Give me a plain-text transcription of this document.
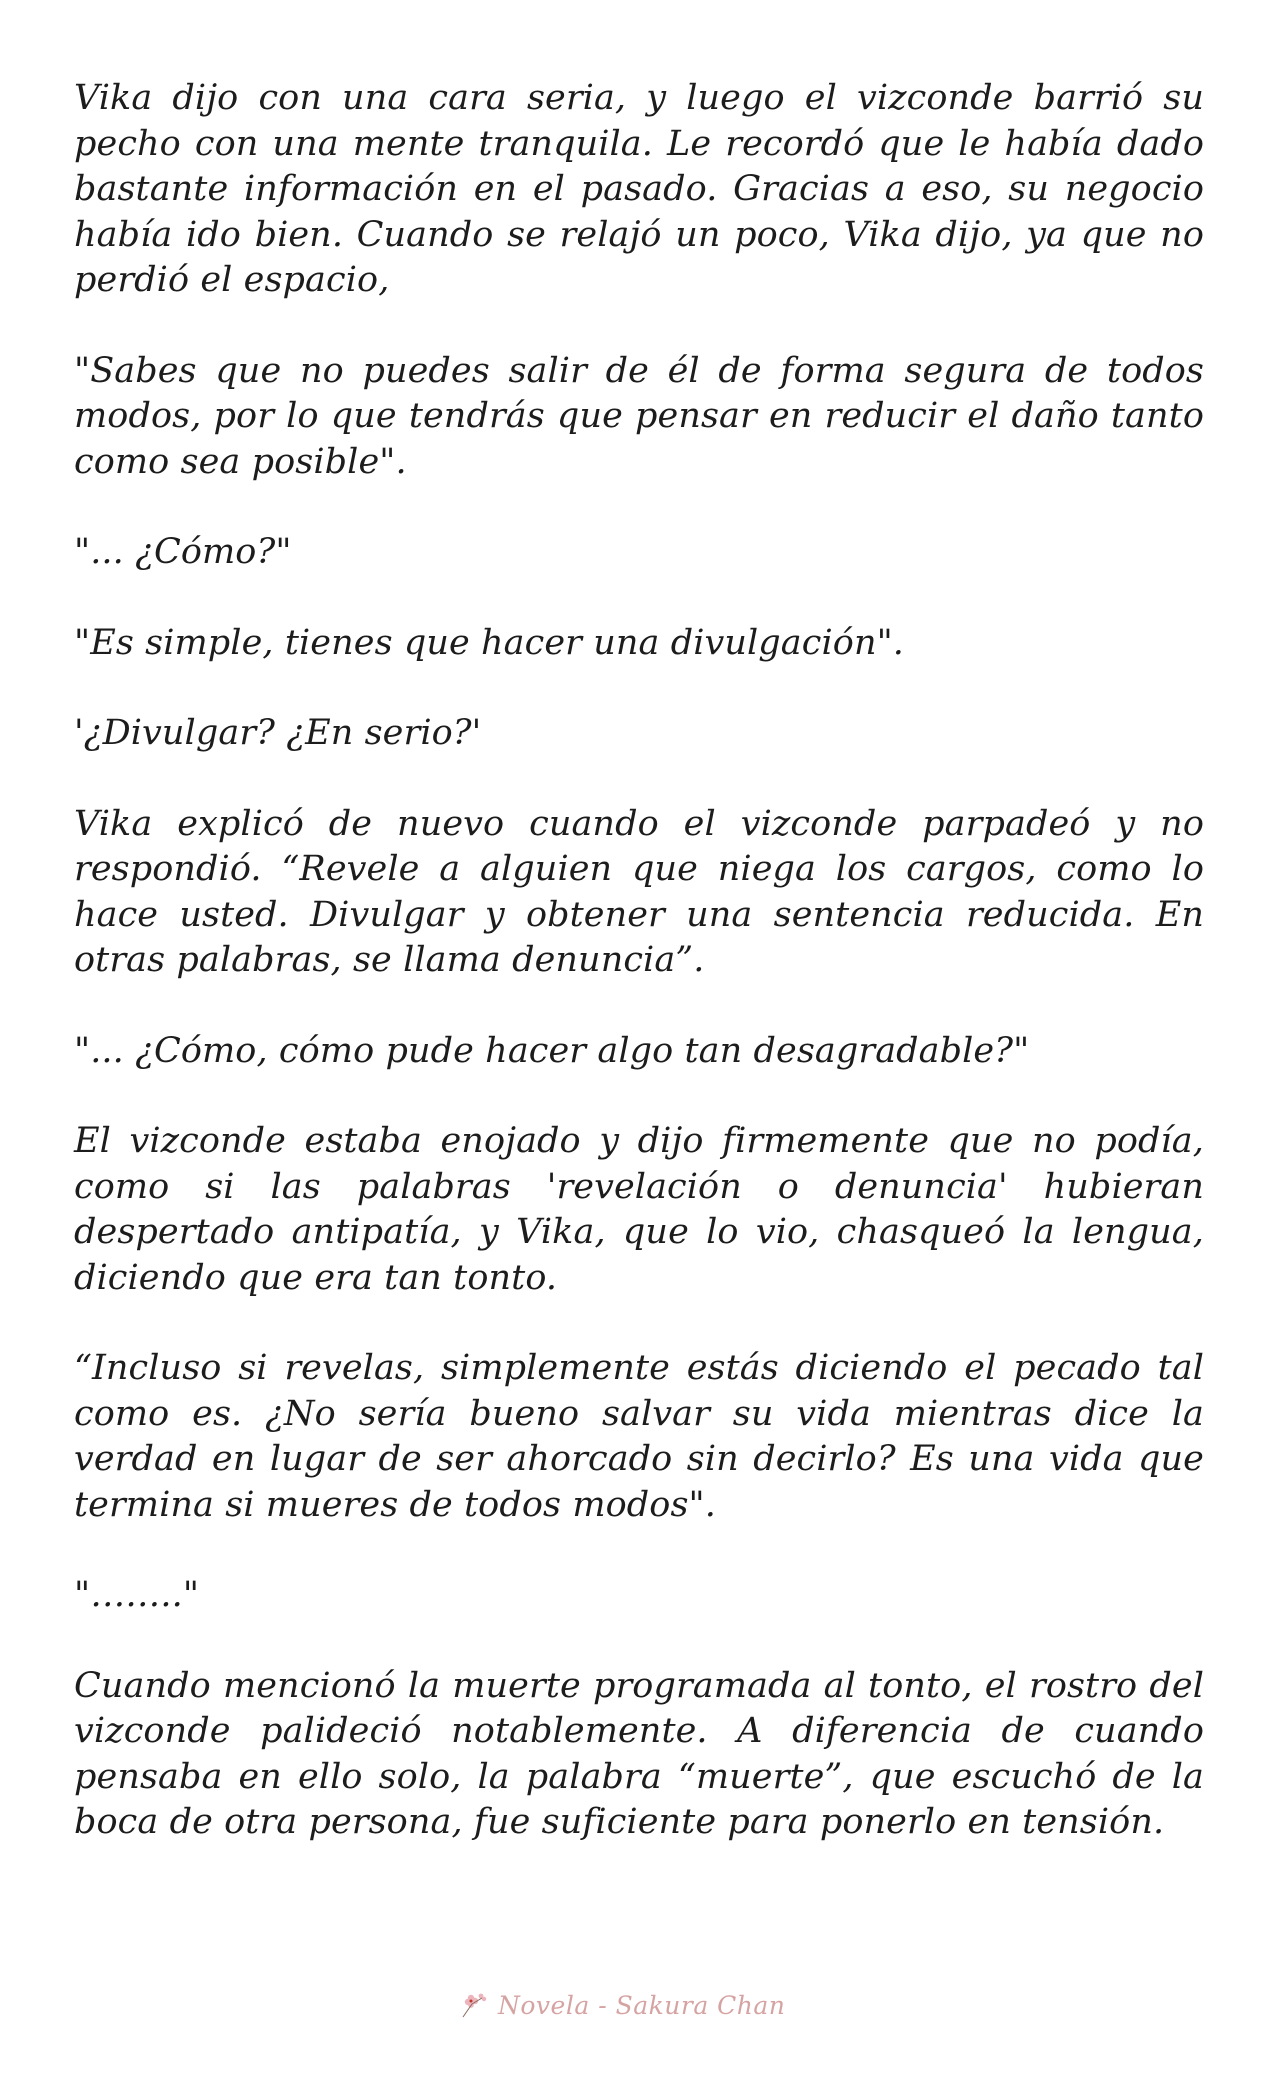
Vika dijo con una cara seria, y luego el vizconde barrió su pecho con una mente tranquila. Le recordó que le había dado bastante información en el pasado. Gracias a eso, su negocio había ido bien. Cuando se relajó un poco, Vika dijo, ya que no perdió el espacio,

"Sabes que no puedes salir de él de forma segura de todos modos, por lo que tendrás que pensar en reducir el daño tanto como sea posible".

"... ¿Cómo?"

"Es simple, tienes que hacer una divulgación".

'¿Divulgar? ¿En serio?'

Vika explicó de nuevo cuando el vizconde parpadeó y no respondió. “Revele a alguien que niega los cargos, como lo hace usted. Divulgar y obtener una sentencia reducida. En otras palabras, se llama denuncia”.

"... ¿Cómo, cómo pude hacer algo tan desagradable?"

El vizconde estaba enojado y dijo firmemente que no podía, como si las palabras 'revelación o denuncia' hubieran despertado antipatía, y Vika, que lo vio, chasqueó la lengua, diciendo que era tan tonto.

“Incluso si revelas, simplemente estás diciendo el pecado tal como es. ¿No sería bueno salvar su vida mientras dice la verdad en lugar de ser ahorcado sin decirlo? Es una vida que termina si mueres de todos modos".

"…….."

Cuando mencionó la muerte programada al tonto, el rostro del vizconde palideció notablemente. A diferencia de cuando pensaba en ello solo, la palabra “muerte”, que escuchó de la boca de otra persona, fue suficiente para ponerlo en tensión.

Novela - Sakura Chan
